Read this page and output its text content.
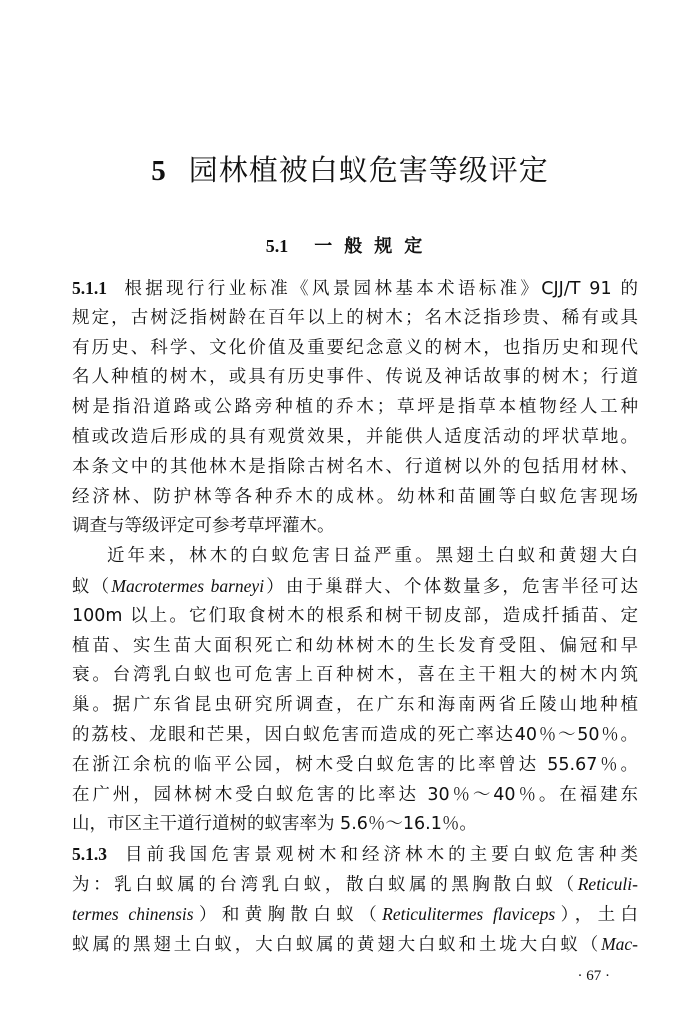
5 园林植被白蚁危害等级评定
5.1 一般规定
5.1.1 根据现行行业标准《风景园林基本术语标准》CJJ/T 91 的
规定，古树泛指树龄在百年以上的树木；名木泛指珍贵、稀有或具
有历史、科学、文化价值及重要纪念意义的树木，也指历史和现代
名人种植的树木，或具有历史事件、传说及神话故事的树木；行道
树是指沿道路或公路旁种植的乔木；草坪是指草本植物经人工种
植或改造后形成的具有观赏效果，并能供人适度活动的坪状草地。
本条文中的其他林木是指除古树名木、行道树以外的包括用材林、
经济林、防护林等各种乔木的成林。幼林和苗圃等白蚁危害现场
调查与等级评定可参考草坪灌木。
近年来，林木的白蚁危害日益严重。黑翅土白蚁和黄翅大白
蚁（Macrotermes barneyi）由于巢群大、个体数量多，危害半径可达
100m 以上。它们取食树木的根系和树干韧皮部，造成扦插苗、定
植苗、实生苗大面积死亡和幼林树木的生长发育受阻、偏冠和早
衰。台湾乳白蚁也可危害上百种树木，喜在主干粗大的树木内筑
巢。据广东省昆虫研究所调查，在广东和海南两省丘陵山地种植
的荔枝、龙眼和芒果，因白蚁危害而造成的死亡率达40％～50％。
在浙江余杭的临平公园，树木受白蚁危害的比率曾达 55.67％。
在广州，园林树木受白蚁危害的比率达 30％～40％。在福建东
山，市区主干道行道树的蚁害率为 5.6％～16.1％。
5.1.3 目前我国危害景观树木和经济林木的主要白蚁危害种类
为：乳白蚁属的台湾乳白蚁，散白蚁属的黑胸散白蚁（Reticuli-
termes chinensis）和黄胸散白蚁（Reticulitermes flaviceps），土白
蚁属的黑翅土白蚁，大白蚁属的黄翅大白蚁和土垅大白蚁（Mac-
· 67 ·
